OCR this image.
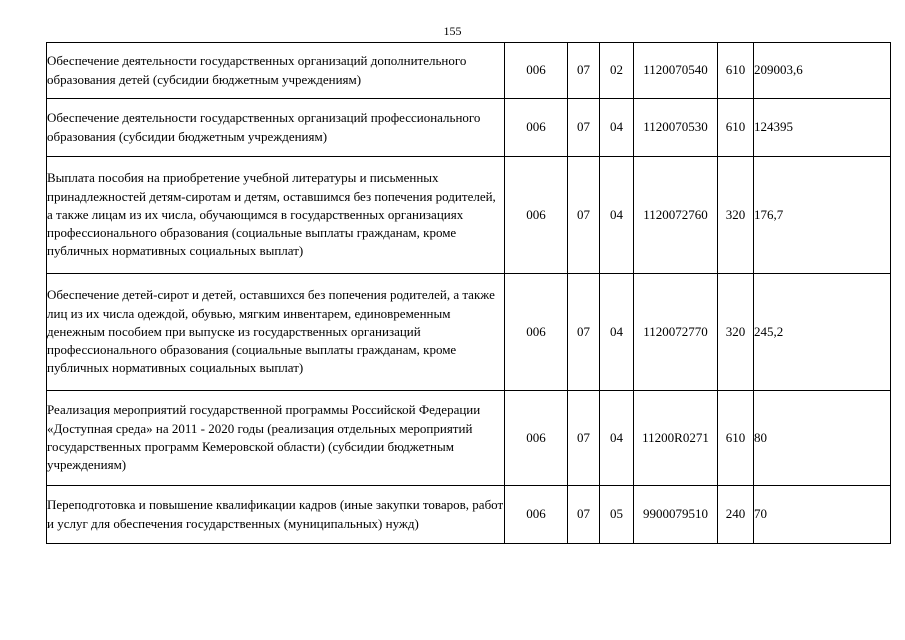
155
Обеспечение деятельности государственных организаций дополнительного образования детей (субсидии бюджетным учреждениям)	006	07	02	1120070540	610	209003,6
Обеспечение деятельности государственных организаций профессионального образования (субсидии бюджетным учреждениям)	006	07	04	1120070530	610	124395
Выплата пособия на приобретение учебной литературы и письменных принадлежностей детям-сиротам и детям, оставшимся без попечения родителей, а также лицам из их числа, обучающимся в государственных организациях профессионального образования (социальные выплаты гражданам, кроме публичных нормативных социальных выплат)	006	07	04	1120072760	320	176,7
Обеспечение детей-сирот и детей, оставшихся без попечения родителей, а также лиц из их числа одеждой, обувью, мягким инвентарем, единовременным денежным пособием при выпуске из государственных организаций профессионального образования (социальные выплаты гражданам, кроме публичных нормативных социальных выплат)	006	07	04	1120072770	320	245,2
Реализация мероприятий государственной программы Российской Федерации «Доступная среда» на 2011 - 2020 годы (реализация отдельных мероприятий государственных программ Кемеровской области) (субсидии бюджетным учреждениям)	006	07	04	11200R0271	610	80
Переподготовка и повышение квалификации кадров (иные закупки товаров, работ и услуг для обеспечения государственных (муниципальных) нужд)	006	07	05	9900079510	240	70
